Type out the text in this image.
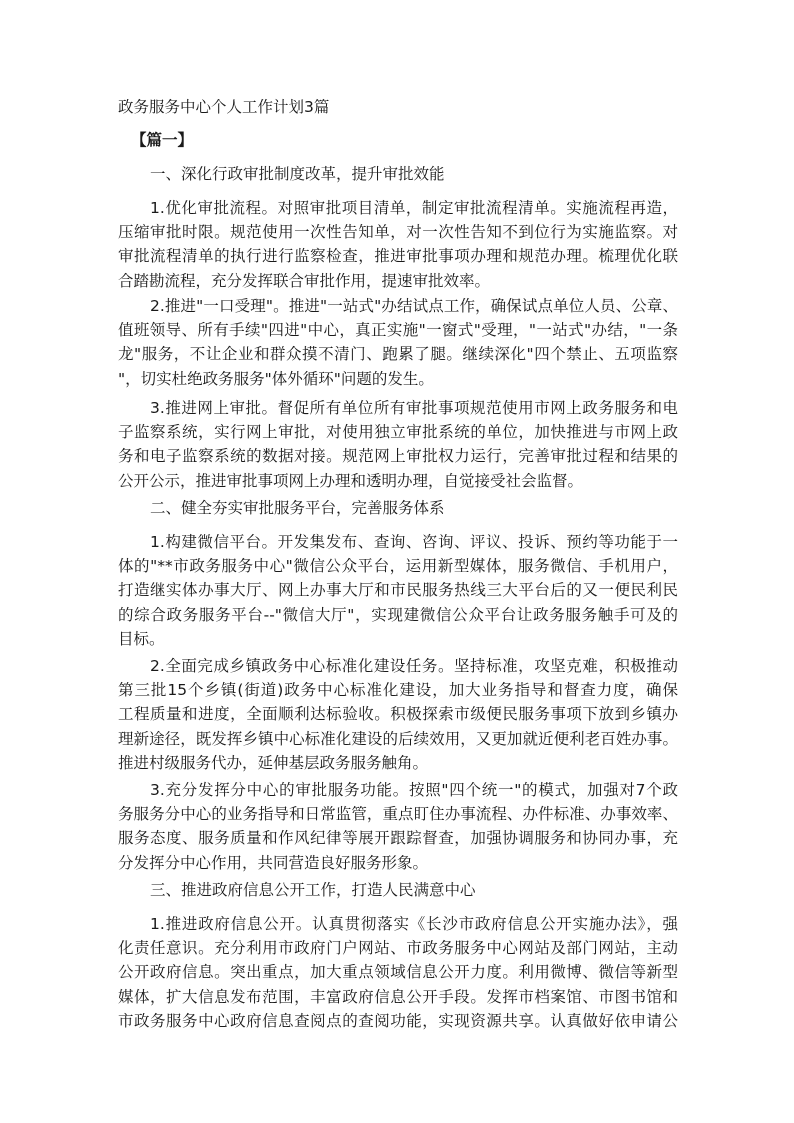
政务服务中心个人工作计划3篇
【篇一】
一、深化行政审批制度改革，提升审批效能
1.优化审批流程。对照审批项目清单，制定审批流程清单。实施流程再造，
压缩审批时限。规范使用一次性告知单，对一次性告知不到位行为实施监察。对
审批流程清单的执行进行监察检查，推进审批事项办理和规范办理。梳理优化联
合踏勘流程，充分发挥联合审批作用，提速审批效率。
2.推进"一口受理"。推进"一站式"办结试点工作，确保试点单位人员、公章、
值班领导、所有手续"四进"中心，真正实施"一窗式"受理，"一站式"办结，"一条
龙"服务，不让企业和群众摸不清门、跑累了腿。继续深化"四个禁止、五项监察
"，切实杜绝政务服务"体外循环"问题的发生。
3.推进网上审批。督促所有单位所有审批事项规范使用市网上政务服务和电
子监察系统，实行网上审批，对使用独立审批系统的单位，加快推进与市网上政
务和电子监察系统的数据对接。规范网上审批权力运行，完善审批过程和结果的
公开公示，推进审批事项网上办理和透明办理，自觉接受社会监督。
二、健全夯实审批服务平台，完善服务体系
1.构建微信平台。开发集发布、查询、咨询、评议、投诉、预约等功能于一
体的"**市政务服务中心"微信公众平台，运用新型媒体，服务微信、手机用户，
打造继实体办事大厅、网上办事大厅和市民服务热线三大平台后的又一便民利民
的综合政务服务平台--"微信大厅"，实现建微信公众平台让政务服务触手可及的
目标。
2.全面完成乡镇政务中心标准化建设任务。坚持标准，攻坚克难，积极推动
第三批15个乡镇(街道)政务中心标准化建设，加大业务指导和督查力度，确保
工程质量和进度，全面顺利达标验收。积极探索市级便民服务事项下放到乡镇办
理新途径，既发挥乡镇中心标准化建设的后续效用，又更加就近便利老百姓办事。
推进村级服务代办，延伸基层政务服务触角。
3.充分发挥分中心的审批服务功能。按照"四个统一"的模式，加强对7个政
务服务分中心的业务指导和日常监管，重点盯住办事流程、办件标准、办事效率、
服务态度、服务质量和作风纪律等展开跟踪督查，加强协调服务和协同办事，充
分发挥分中心作用，共同营造良好服务形象。
三、推进政府信息公开工作，打造人民满意中心
1.推进政府信息公开。认真贯彻落实《长沙市政府信息公开实施办法》，强
化责任意识。充分利用市政府门户网站、市政务服务中心网站及部门网站，主动
公开政府信息。突出重点，加大重点领域信息公开力度。利用微博、微信等新型
媒体，扩大信息发布范围，丰富政府信息公开手段。发挥市档案馆、市图书馆和
市政务服务中心政府信息查阅点的查阅功能，实现资源共享。认真做好依申请公
